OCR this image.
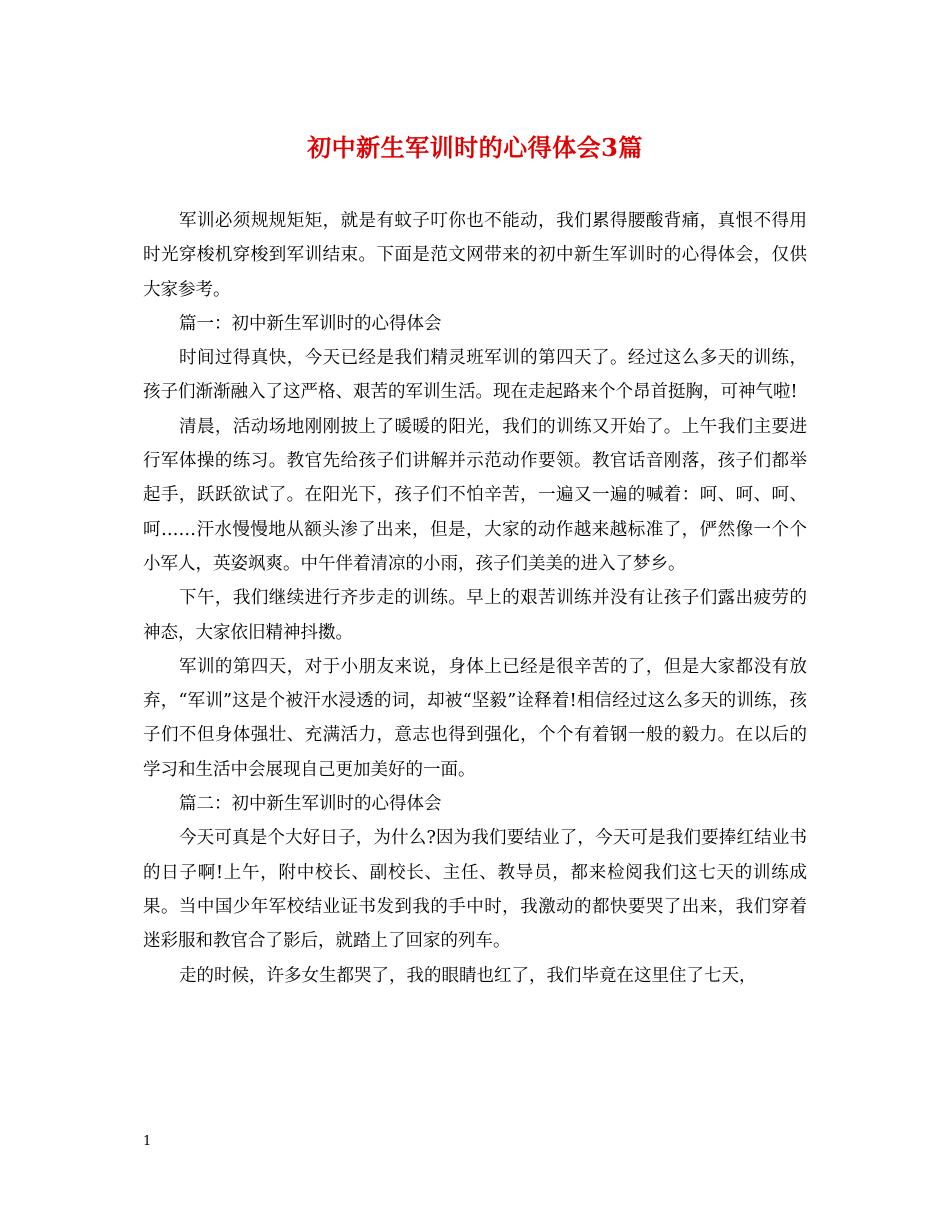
初中新生军训时的心得体会3篇

军训必须规规矩矩，就是有蚊子叮你也不能动，我们累得腰酸背痛，真恨不得用时光穿梭机穿梭到军训结束。下面是范文网带来的初中新生军训时的心得体会，仅供大家参考。

篇一：初中新生军训时的心得体会

时间过得真快，今天已经是我们精灵班军训的第四天了。经过这么多天的训练，孩子们渐渐融入了这严格、艰苦的军训生活。现在走起路来个个昂首挺胸，可神气啦!

清晨，活动场地刚刚披上了暖暖的阳光，我们的训练又开始了。上午我们主要进行军体操的练习。教官先给孩子们讲解并示范动作要领。教官话音刚落，孩子们都举起手，跃跃欲试了。在阳光下，孩子们不怕辛苦，一遍又一遍的喊着：呵、呵、呵、呵……汗水慢慢地从额头渗了出来，但是，大家的动作越来越标准了，俨然像一个个小军人，英姿飒爽。中午伴着清凉的小雨，孩子们美美的进入了梦乡。

下午，我们继续进行齐步走的训练。早上的艰苦训练并没有让孩子们露出疲劳的神态，大家依旧精神抖擞。

军训的第四天，对于小朋友来说，身体上已经是很辛苦的了，但是大家都没有放弃，“军训”这是个被汗水浸透的词，却被“坚毅”诠释着!相信经过这么多天的训练，孩子们不但身体强壮、充满活力，意志也得到强化，个个有着钢一般的毅力。在以后的学习和生活中会展现自己更加美好的一面。

篇二：初中新生军训时的心得体会

今天可真是个大好日子，为什么?因为我们要结业了，今天可是我们要捧红结业书的日子啊!上午，附中校长、副校长、主任、教导员，都来检阅我们这七天的训练成果。当中国少年军校结业证书发到我的手中时，我激动的都快要哭了出来，我们穿着迷彩服和教官合了影后，就踏上了回家的列车。

走的时候，许多女生都哭了，我的眼睛也红了，我们毕竟在这里住了七天，

1
